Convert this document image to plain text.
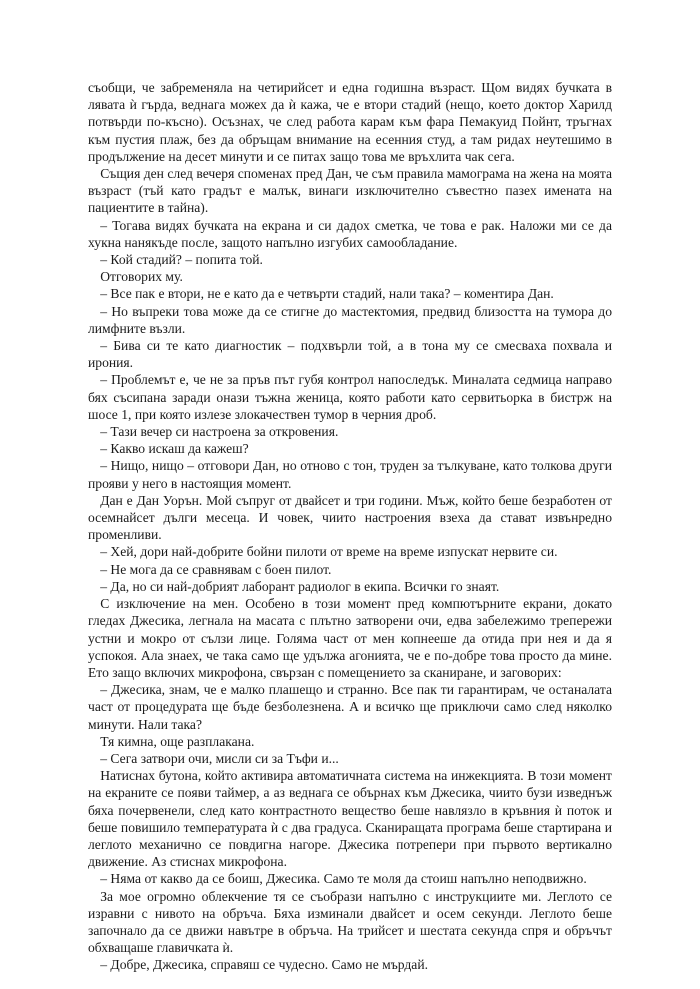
съобщи, че забременяла на четирийсет и една годишна възраст. Щом видях бучката в лявата ѝ гърда, веднага можех да ѝ кажа, че е втори стадий (нещо, което доктор Харилд потвърди по-късно). Осъзнах, че след работа карам към фара Пемакуид Пойнт, тръгнах към пустия плаж, без да обръщам внимание на есенния студ, а там ридах неутешимо в продължение на десет минути и се питах защо това ме връхлита чак сега.

Същия ден след вечеря споменах пред Дан, че съм правила мамограма на жена на моята възраст (тъй като градът е малък, винаги изключително съвестно пазех имената на пациентите в тайна).

– Тогава видях бучката на екрана и си дадох сметка, че това е рак. Наложи ми се да хукна нанякъде после, защото напълно изгубих самообладание.

– Кой стадий? – попита той.

Отговорих му.

– Все пак е втори, не е като да е четвърти стадий, нали така? – коментира Дан.

– Но въпреки това може да се стигне до мастектомия, предвид близостта на тумора до лимфните възли.

– Бива си те като диагностик – подхвърли той, а в тона му се смесваха похвала и ирония.

– Проблемът е, че не за пръв път губя контрол напоследък. Миналата седмица направо бях съсипана заради онази тъжна женица, която работи като сервитьорка в бистрж на шосе 1, при която излезе злокачествен тумор в черния дроб.

– Тази вечер си настроена за откровения.

– Какво искаш да кажеш?

– Нищо, нищо – отговори Дан, но отново с тон, труден за тълкуване, като толкова други прояви у него в настоящия момент.

Дан е Дан Уорън. Мой съпруг от двайсет и три години. Мъж, който беше безработен от осемнайсет дълги месеца. И човек, чиито настроения взеха да стават извънредно променливи.

– Хей, дори най-добрите бойни пилоти от време на време изпускат нервите си.

– Не мога да се сравнявам с боен пилот.

– Да, но си най-добрият лаборант радиолог в екипа. Всички го знаят.

С изключение на мен. Особено в този момент пред компютърните екрани, докато гледах Джесика, легнала на масата с плътно затворени очи, едва забележимо трепережи устни и мокро от сълзи лице. Голяма част от мен копнееше да отида при нея и да я успокоя. Ала знаех, че така само ще удължа агонията, че е по-добре това просто да мине. Ето защо включих микрофона, свързан с помещението за сканиране, и заговорих:

– Джесика, знам, че е малко плашещо и странно. Все пак ти гарантирам, че останалата част от процедурата ще бъде безболезнена. А и всичко ще приключи само след няколко минути. Нали така?

Тя кимна, още разплакана.

– Сега затвори очи, мисли си за Тъфи и...

Натиснах бутона, който активира автоматичната система на инжекцията. В този момент на екраните се появи таймер, а аз веднага се обърнах към Джесика, чиито бузи изведнъж бяха почервенели, след като контрастното вещество беше навлязло в кръвния ѝ поток и беше повишило температурата ѝ с два градуса. Сканиращата програма беше стартирана и леглото механично се повдигна нагоре. Джесика потрепери при първото вертикално движение. Аз стиснах микрофона.

– Няма от какво да се боиш, Джесика. Само те моля да стоиш напълно неподвижно.

За мое огромно облекчение тя се съобрази напълно с инструкциите ми. Леглото се изравни с нивото на обръча. Бяха изминали двайсет и осем секунди. Леглото беше започнало да се движи навътре в обръча. На трийсет и шестата секунда спря и обръчът обхващаше главичката ѝ.

– Добре, Джесика, справяш се чудесно. Само не мърдай.
